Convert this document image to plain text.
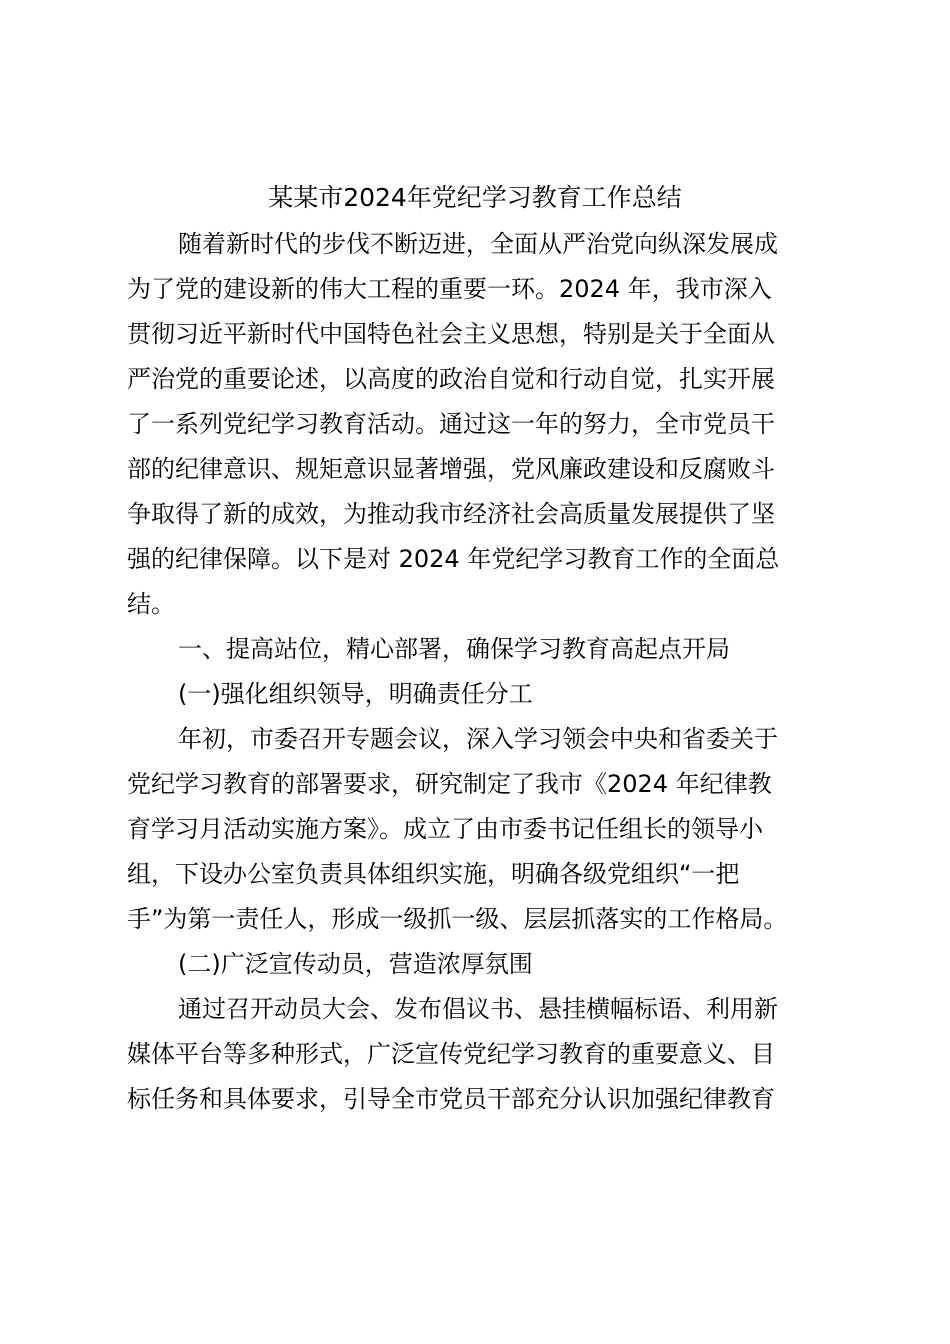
某某市2024年党纪学习教育工作总结
随着新时代的步伐不断迈进，全面从严治党向纵深发展成
为了党的建设新的伟大工程的重要一环。2024 年，我市深入
贯彻习近平新时代中国特色社会主义思想，特别是关于全面从
严治党的重要论述，以高度的政治自觉和行动自觉，扎实开展
了一系列党纪学习教育活动。通过这一年的努力，全市党员干
部的纪律意识、规矩意识显著增强，党风廉政建设和反腐败斗
争取得了新的成效，为推动我市经济社会高质量发展提供了坚
强的纪律保障。以下是对 2024 年党纪学习教育工作的全面总
结。
一、提高站位，精心部署，确保学习教育高起点开局
(一)强化组织领导，明确责任分工
年初，市委召开专题会议，深入学习领会中央和省委关于
党纪学习教育的部署要求，研究制定了我市《2024 年纪律教
育学习月活动实施方案》。成立了由市委书记任组长的领导小
组，下设办公室负责具体组织实施，明确各级党组织“一把
手”为第一责任人，形成一级抓一级、层层抓落实的工作格局。
(二)广泛宣传动员，营造浓厚氛围
通过召开动员大会、发布倡议书、悬挂横幅标语、利用新
媒体平台等多种形式，广泛宣传党纪学习教育的重要意义、目
标任务和具体要求，引导全市党员干部充分认识加强纪律教育
